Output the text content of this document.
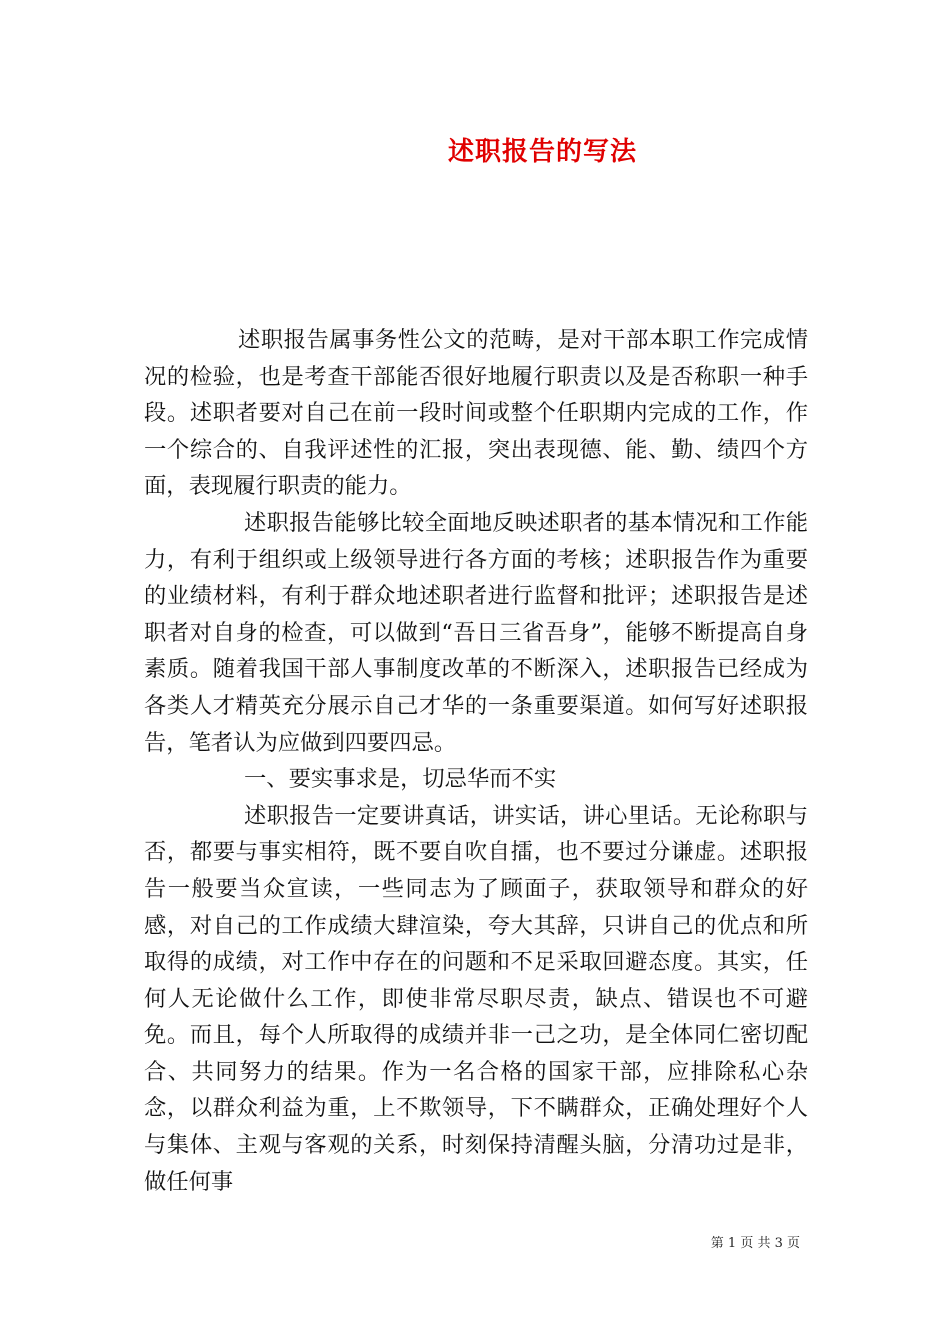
述职报告的写法

述职报告属事务性公文的范畴，是对干部本职工作完成情况的检验，也是考查干部能否很好地履行职责以及是否称职一种手段。述职者要对自己在前一段时间或整个任职期内完成的工作，作一个综合的、自我评述性的汇报，突出表现德、能、勤、绩四个方面，表现履行职责的能力。

述职报告能够比较全面地反映述职者的基本情况和工作能力，有利于组织或上级领导进行各方面的考核；述职报告作为重要的业绩材料，有利于群众地述职者进行监督和批评；述职报告是述职者对自身的检查，可以做到“吾日三省吾身”，能够不断提高自身素质。随着我国干部人事制度改革的不断深入，述职报告已经成为各类人才精英充分展示自己才华的一条重要渠道。如何写好述职报告，笔者认为应做到四要四忌。

一、要实事求是，切忌华而不实

述职报告一定要讲真话，讲实话，讲心里话。无论称职与否，都要与事实相符，既不要自吹自擂，也不要过分谦虚。述职报告一般要当众宣读，一些同志为了顾面子，获取领导和群众的好感，对自己的工作成绩大肆渲染，夸大其辞，只讲自己的优点和所取得的成绩，对工作中存在的问题和不足采取回避态度。其实，任何人无论做什么工作，即使非常尽职尽责，缺点、错误也不可避免。而且，每个人所取得的成绩并非一己之功，是全体同仁密切配合、共同努力的结果。作为一名合格的国家干部，应排除私心杂念，以群众利益为重，上不欺领导，下不瞒群众，正确处理好个人与集体、主观与客观的关系，时刻保持清醒头脑，分清功过是非，做任何事

第 1 页 共 3 页
